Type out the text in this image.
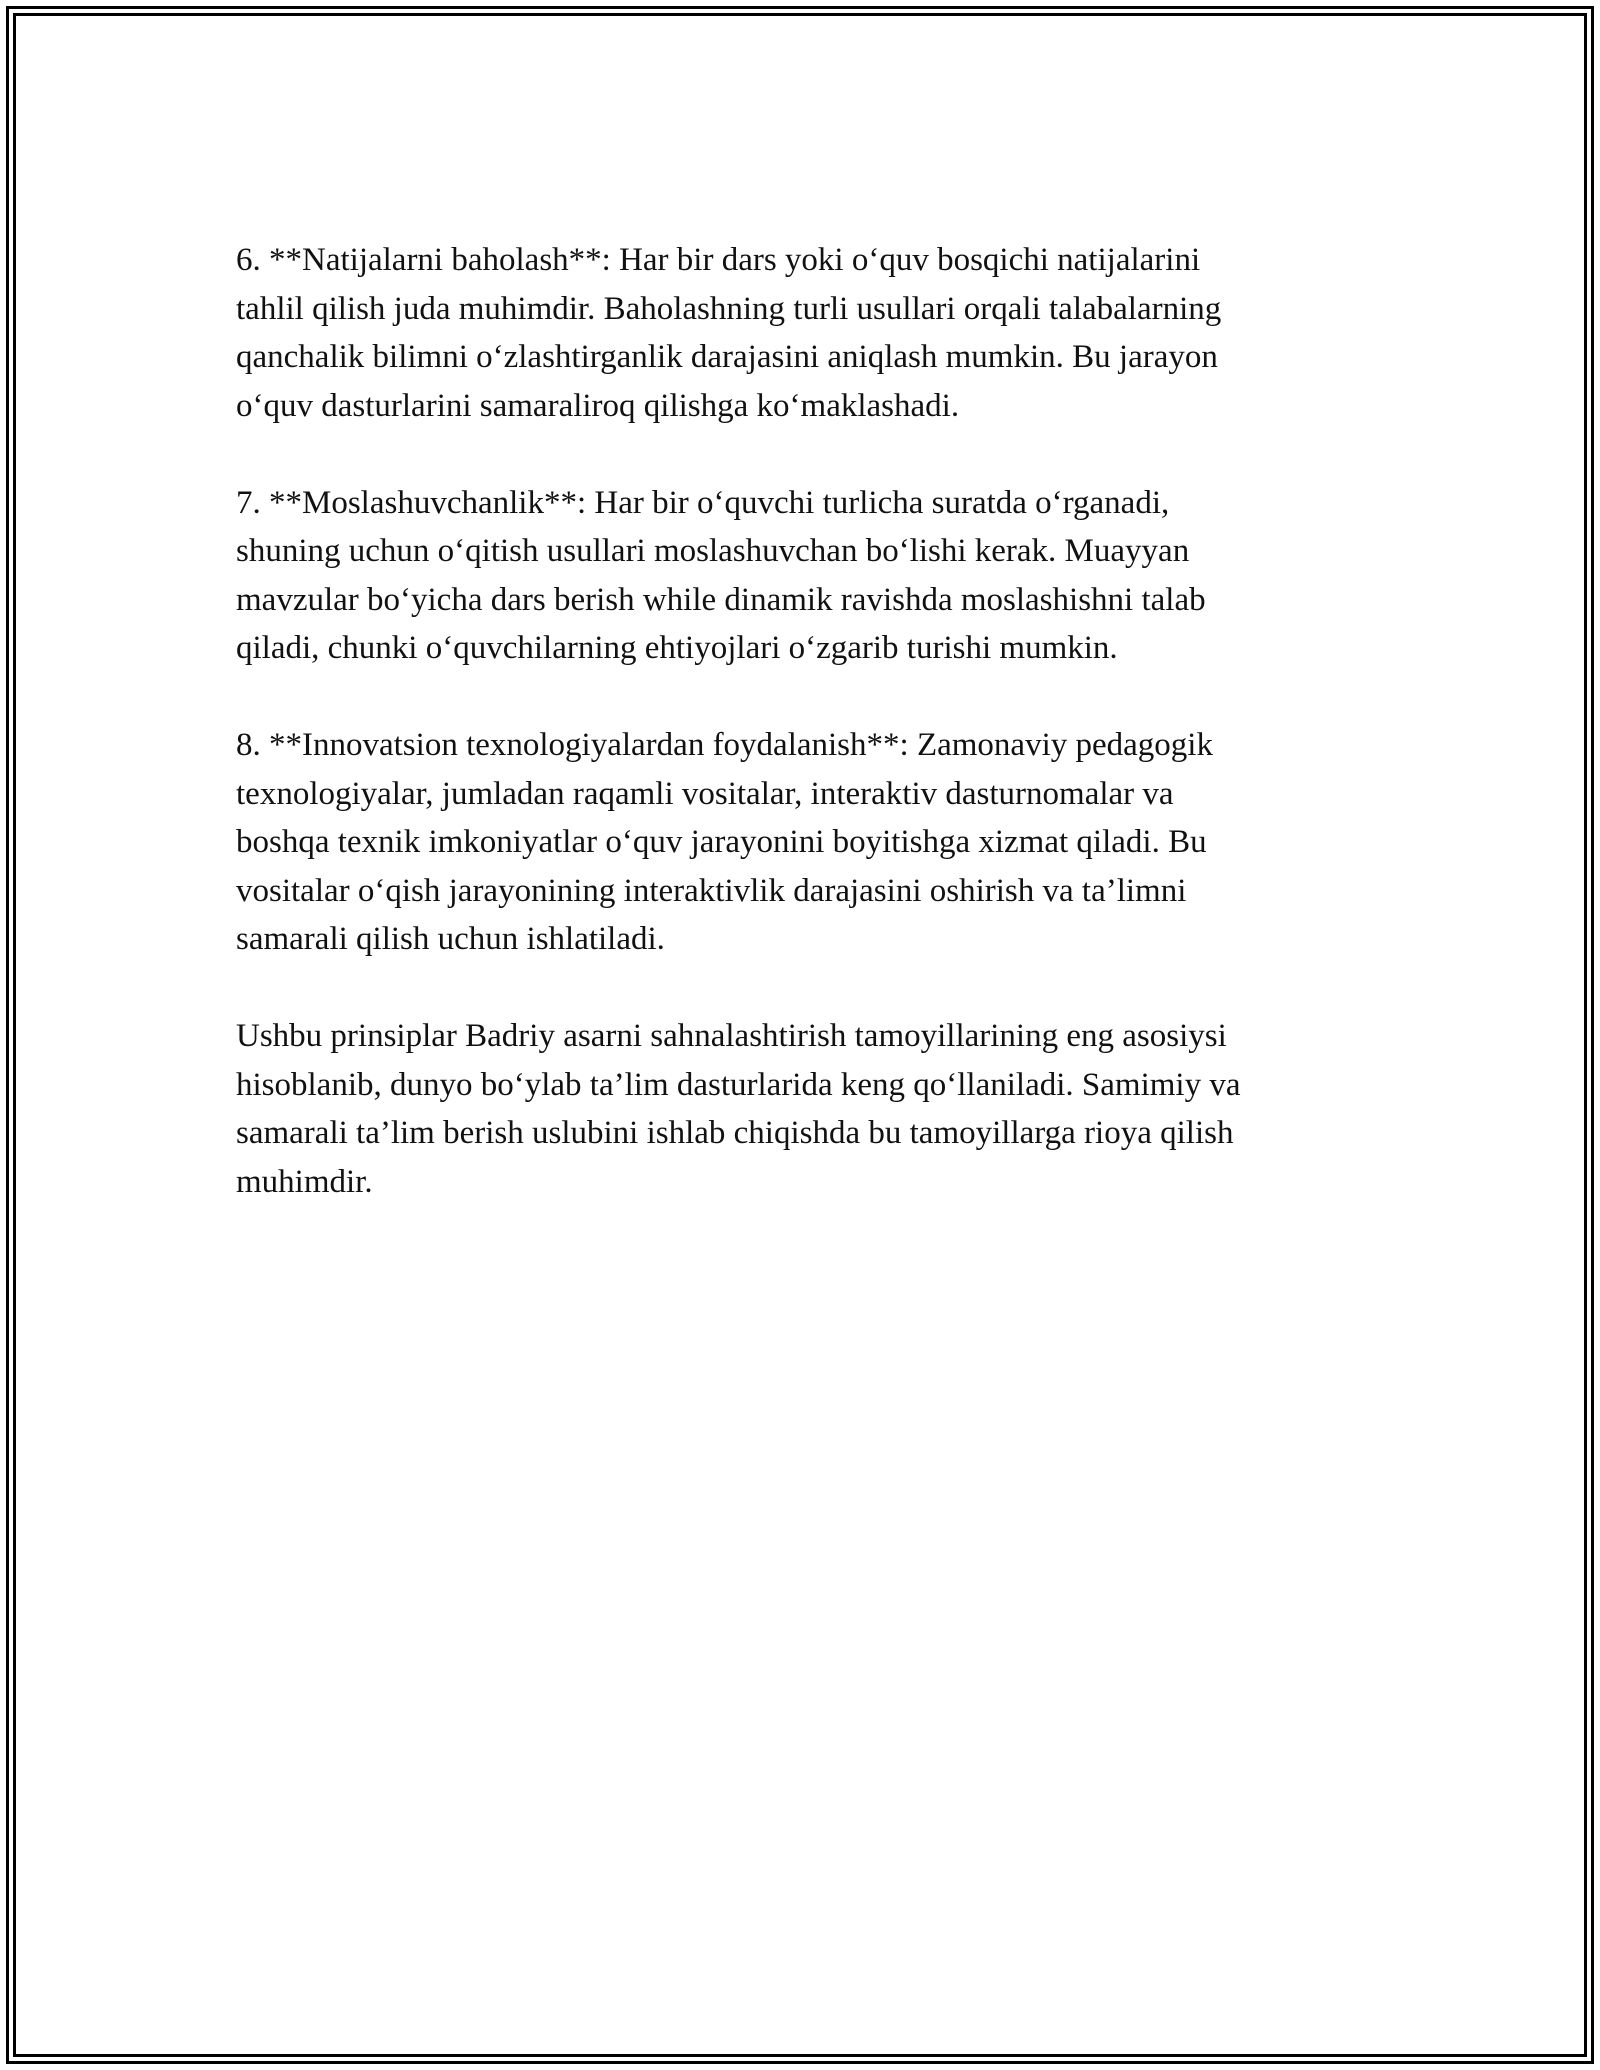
6. **Natijalarni baholash**: Har bir dars yoki o‘quv bosqichi natijalarini
tahlil qilish juda muhimdir. Baholashning turli usullari orqali talabalarning
qanchalik bilimni o‘zlashtirganlik darajasini aniqlash mumkin. Bu jarayon
o‘quv dasturlarini samaraliroq qilishga ko‘maklashadi.

7. **Moslashuvchanlik**: Har bir o‘quvchi turlicha suratda o‘rganadi,
shuning uchun o‘qitish usullari moslashuvchan bo‘lishi kerak. Muayyan
mavzular bo‘yicha dars berish while dinamik ravishda moslashishni talab
qiladi, chunki o‘quvchilarning ehtiyojlari o‘zgarib turishi mumkin.

8. **Innovatsion texnologiyalardan foydalanish**: Zamonaviy pedagogik
texnologiyalar, jumladan raqamli vositalar, interaktiv dasturnomalar va
boshqa texnik imkoniyatlar o‘quv jarayonini boyitishga xizmat qiladi. Bu
vositalar o‘qish jarayonining interaktivlik darajasini oshirish va ta’limni
samarali qilish uchun ishlatiladi.

Ushbu prinsiplar Badriy asarni sahnalashtirish tamoyillarining eng asosiysi
hisoblanib, dunyo bo‘ylab ta’lim dasturlarida keng qo‘llaniladi. Samimiy va
samarali ta’lim berish uslubini ishlab chiqishda bu tamoyillarga rioya qilish
muhimdir.
